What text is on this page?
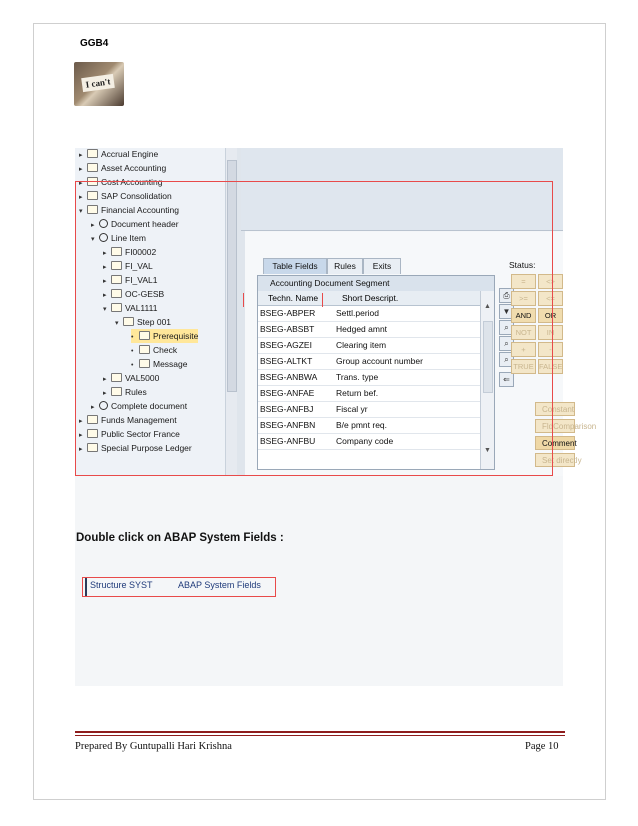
GGB4
I can't
▸ Accrual Engine
▸ Asset Accounting
▸ Cost Accounting
▸ SAP Consolidation
▾ Financial Accounting
▸ Document header
▾ Line Item
▸ FI00002
▸ FI_VAL
▸ FI_VAL1
▸ OC-GESB
▾ VAL1111
▾ Step 001
• Prerequisite
• Check
• Message
▸ VAL5000
▸ Rules
▸ Complete document
▸ Funds Management
▸ Public Sector France
▸ Special Purpose Ledger
Table Fields	Rules	Exits	Status:
Accounting Document Segment
Techn. Name	Short Descript.
BSEG-ABPER Settl.period
BSEG-ABSBT	Hedged amnt
BSEG-AGZEI	Clearing item
BSEG-ALTKT	Group account number
BSEG-ANBWA Trans. type
BSEG-ANFAE	Return bef.
BSEG-ANFBJ	Fiscal yr
BSEG-ANFBN B/e pmnt req.
BSEG-ANFBU Company code
▲
▼
⎙
▼
⌕
⌕
⌕
⇐
=	<>
>=	<=
AND	OR
NOT	IN
+	-
TRUE FALSE
Constant
FldComparison
Comment
Set directly
Double click on ABAP System Fields :
Structure SYST	ABAP System Fields
Prepared By Guntupalli Hari Krishna	Page 10
